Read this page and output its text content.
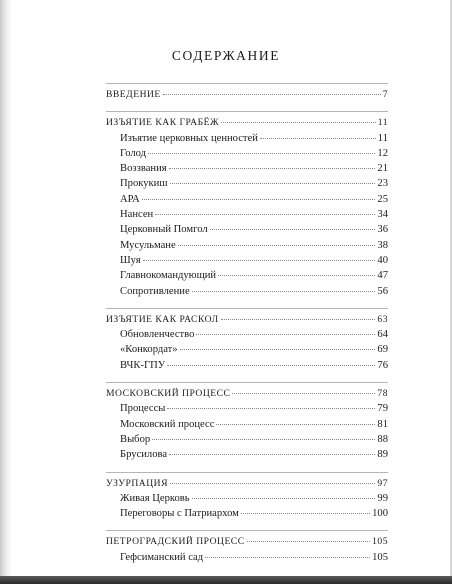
СОДЕРЖАНИЕ
ВВЕДЕНИЕ	7
ИЗЪЯТИЕ КАК ГРАБЁЖ	11
Изъятие церковных ценностей	11
Голод	12
Воззвания	21
Прокукиш	23
АРА	25
Нансен	34
Церковный Помгол	36
Мусульмане	38
Шуя	40
Главнокомандующий	47
Сопротивление	56
ИЗЪЯТИЕ КАК РАСКОЛ	63
Обновленчество	64
«Конкордат»	69
ВЧК-ГПУ	76
МОСКОВСКИЙ ПРОЦЕСС	78
Процессы	79
Московский процесс	81
Выбор	88
Брусилова	89
УЗУРПАЦИЯ	97
Живая Церковь	99
Переговоры с Патриархом	100
ПЕТРОГРАДСКИЙ ПРОЦЕСС	105
Гефсиманский сад	105
